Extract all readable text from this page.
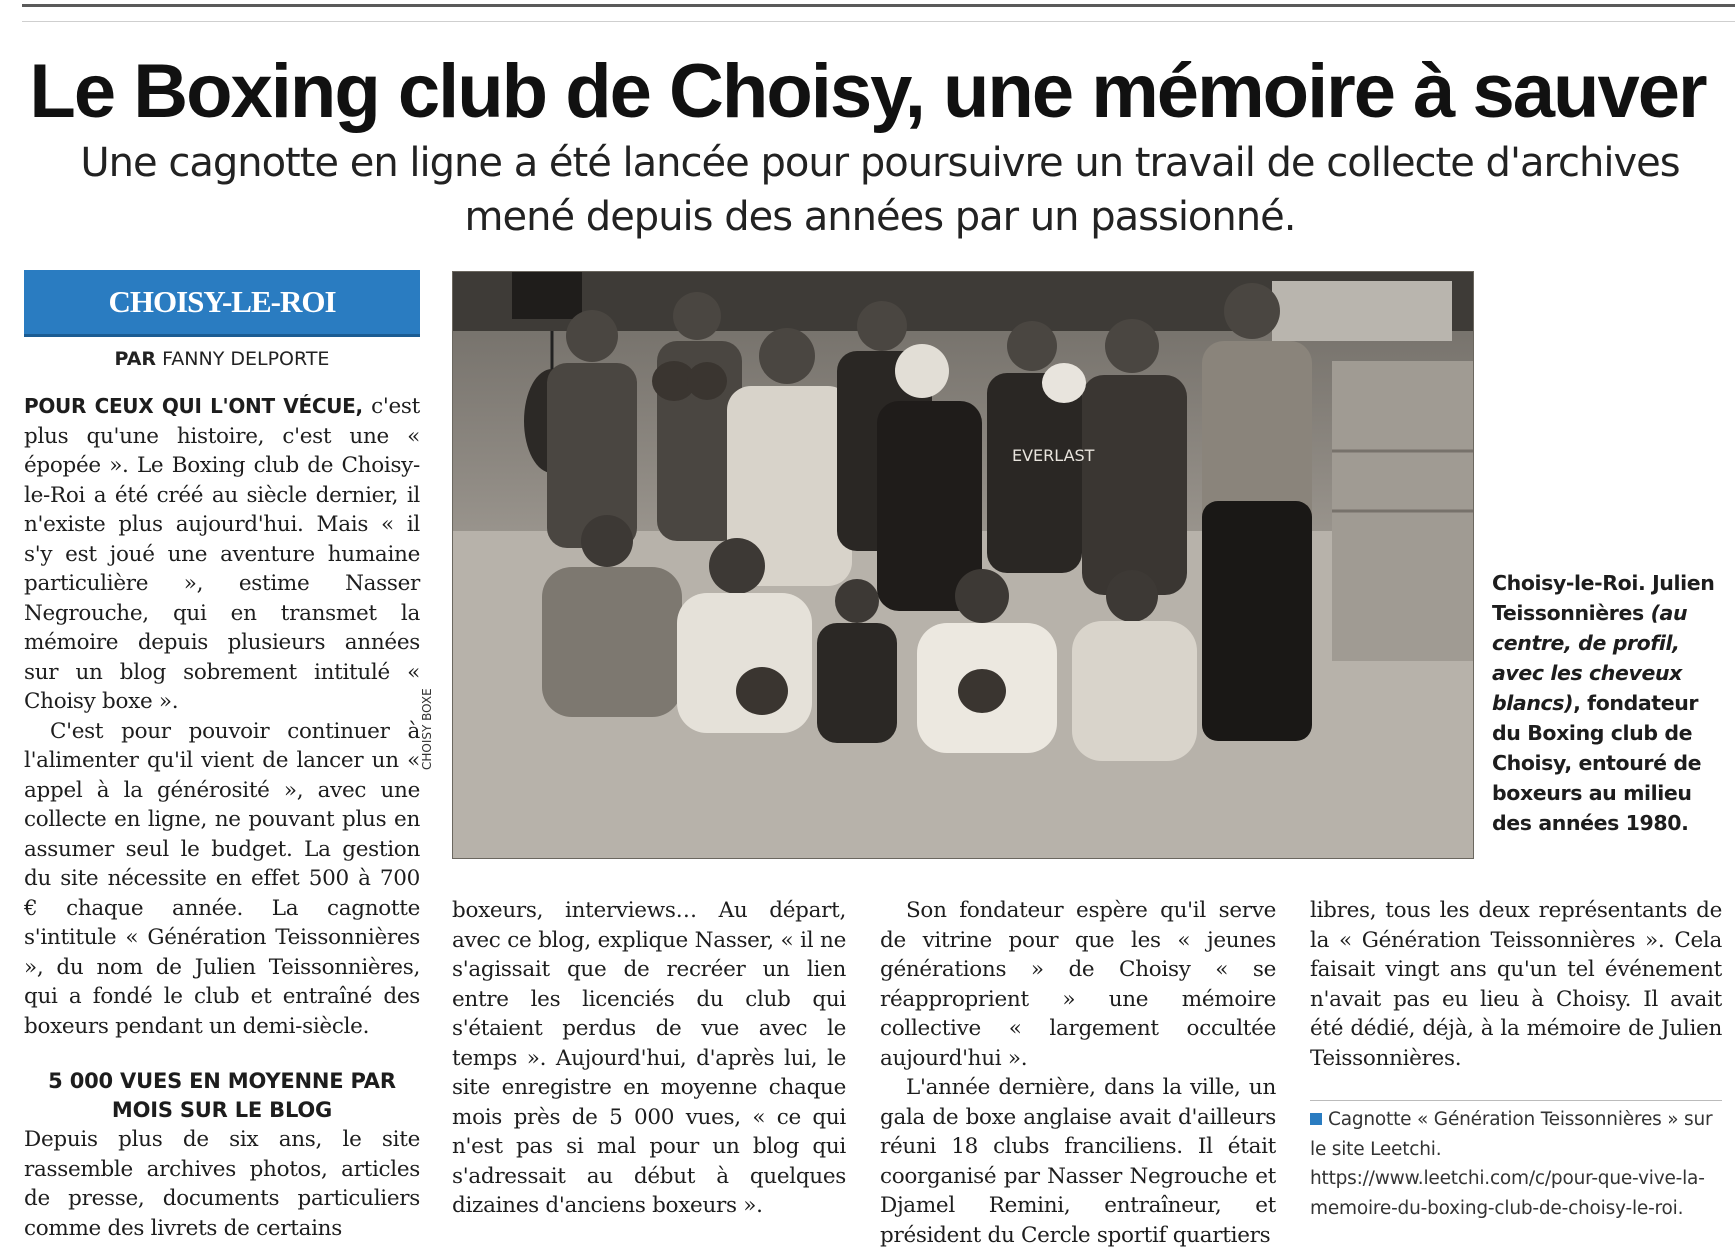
Le Boxing club de Choisy, une mémoire à sauver

Une cagnotte en ligne a été lancée pour poursuivre un travail de collecte d'archives mené depuis des années par un passionné.

CHOISY-LE-ROI
PAR FANNY DELPORTE

POUR CEUX QUI L'ONT VÉCUE, c'est plus qu'une histoire, c'est une « épopée ». Le Boxing club de Choisy-le-Roi a été créé au siècle dernier, il n'existe plus aujourd'hui. Mais « il s'y est joué une aventure humaine particulière », estime Nasser Negrouche, qui en transmet la mémoire depuis plusieurs années sur un blog sobrement intitulé « Choisy boxe ».

C'est pour pouvoir continuer à l'alimenter qu'il vient de lancer un « appel à la générosité », avec une collecte en ligne, ne pouvant plus en assumer seul le budget. La gestion du site nécessite en effet 500 à 700 € chaque année. La cagnotte s'intitule « Génération Teissonnières », du nom de Julien Teissonnières, qui a fondé le club et entraîné des boxeurs pendant un demi-siècle.

5 000 VUES EN MOYENNE PAR MOIS SUR LE BLOG

Depuis plus de six ans, le site rassemble archives photos, articles de presse, documents particuliers comme des livrets de certains

EVERLAST
CHOISY BOXE
Choisy-le-Roi. Julien Teissonnières (au centre, de profil, avec les cheveux blancs), fondateur du Boxing club de Choisy, entouré de boxeurs au milieu des années 1980.

boxeurs, interviews… Au départ, avec ce blog, explique Nasser, « il ne s'agissait que de recréer un lien entre les licenciés du club qui s'étaient perdus de vue avec le temps ». Aujourd'hui, d'après lui, le site enregistre en moyenne chaque mois près de 5 000 vues, « ce qui n'est pas si mal pour un blog qui s'adressait au début à quelques dizaines d'anciens boxeurs ».

Son fondateur espère qu'il serve de vitrine pour que les « jeunes générations » de Choisy « se réapproprient » une mémoire collective « largement occultée aujourd'hui ».

L'année dernière, dans la ville, un gala de boxe anglaise avait d'ailleurs réuni 18 clubs franciliens. Il était coorganisé par Nasser Negrouche et Djamel Remini, entraîneur, et président du Cercle sportif quartiers

libres, tous les deux représentants de la « Génération Teissonnières ». Cela faisait vingt ans qu'un tel événement n'avait pas eu lieu à Choisy. Il avait été dédié, déjà, à la mémoire de Julien Teissonnières.

Cagnotte « Génération Teissonnières » sur le site Leetchi. https://www.leetchi.com/c/pour-que-vive-la-memoire-du-boxing-club-de-choisy-le-roi.
